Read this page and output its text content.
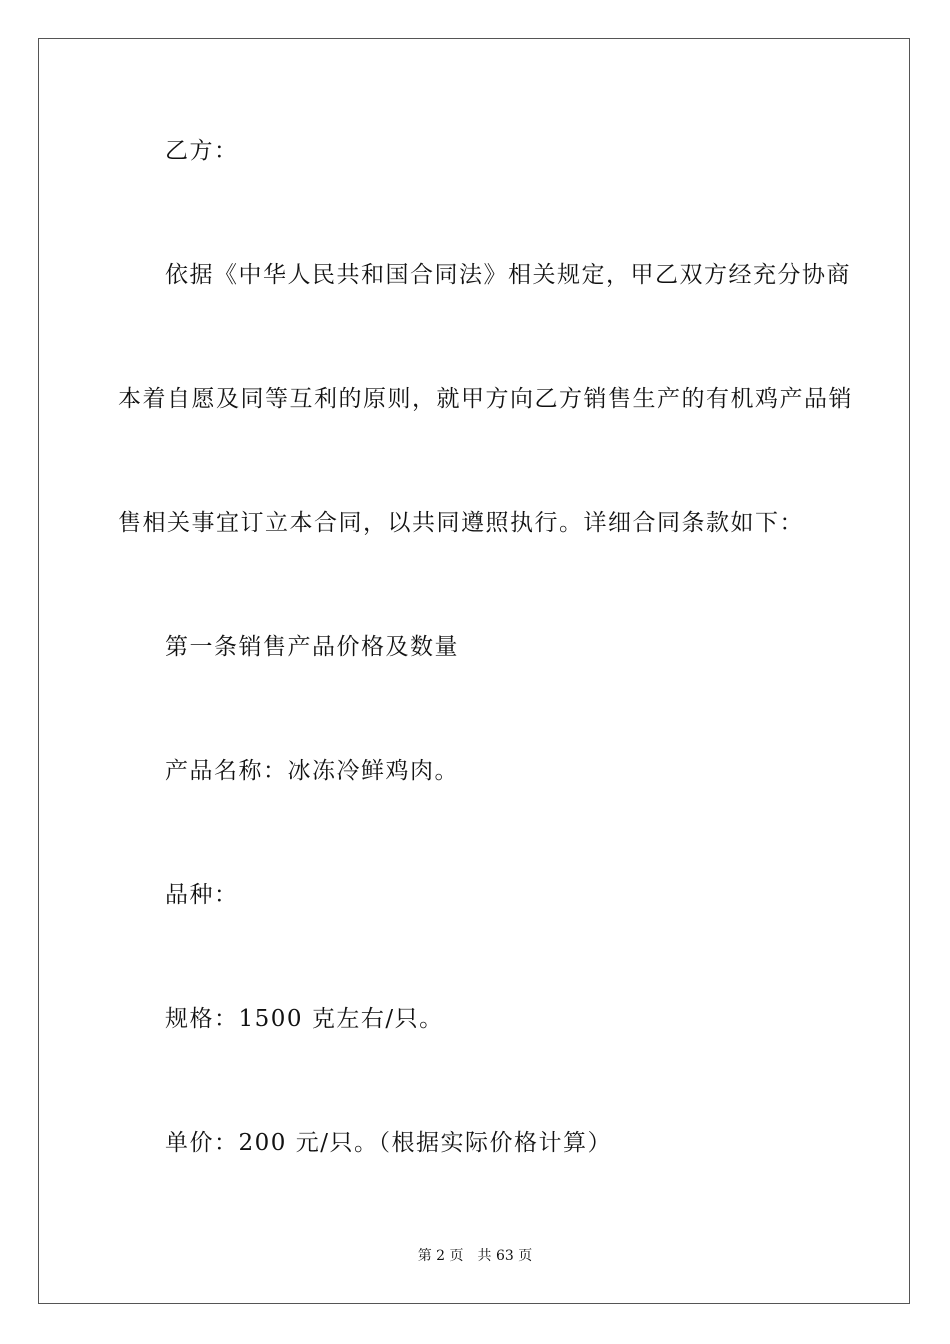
乙方：
依据《中华人民共和国合同法》相关规定，甲乙双方经充分协商
本着自愿及同等互利的原则，就甲方向乙方销售生产的有机鸡产品销
售相关事宜订立本合同，以共同遵照执行。详细合同条款如下：
第一条销售产品价格及数量
产品名称：冰冻冷鲜鸡肉。
品种：
规格：1500 克左右/只。
单价：200 元/只。（根据实际价格计算）
第 2 页 共 63 页
